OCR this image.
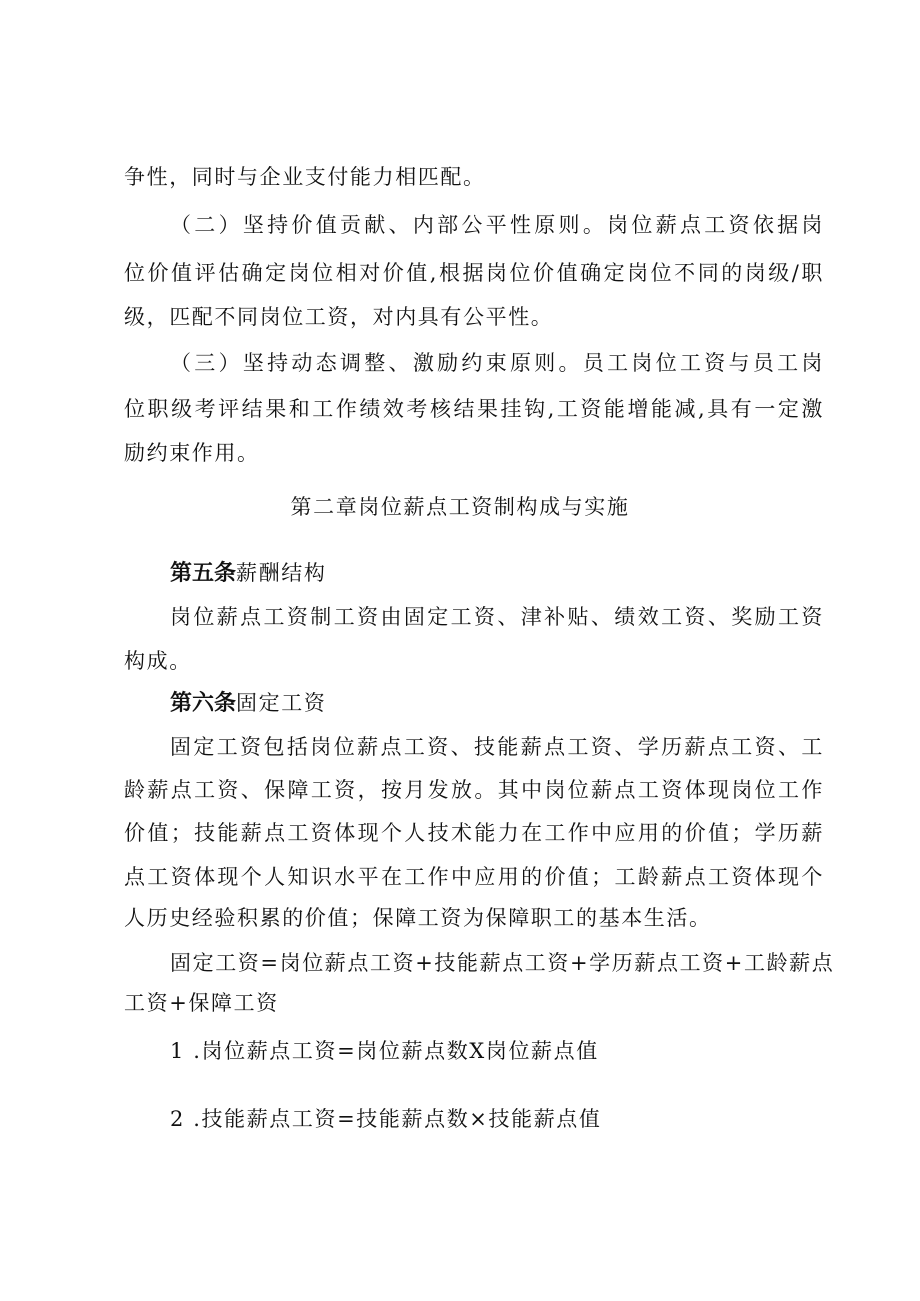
争性，同时与企业支付能力相匹配。
（二）坚持价值贡献、内部公平性原则。岗位薪点工资依据岗
位价值评估确定岗位相对价值,根据岗位价值确定岗位不同的岗级/职
级，匹配不同岗位工资，对内具有公平性。
（三）坚持动态调整、激励约束原则。员工岗位工资与员工岗
位职级考评结果和工作绩效考核结果挂钩,工资能增能减,具有一定激
励约束作用。
第二章岗位薪点工资制构成与实施
第五条薪酬结构
岗位薪点工资制工资由固定工资、津补贴、绩效工资、奖励工资
构成。
第六条固定工资
固定工资包括岗位薪点工资、技能薪点工资、学历薪点工资、工
龄薪点工资、保障工资，按月发放。其中岗位薪点工资体现岗位工作
价值；技能薪点工资体现个人技术能力在工作中应用的价值；学历薪
点工资体现个人知识水平在工作中应用的价值；工龄薪点工资体现个
人历史经验积累的价值；保障工资为保障职工的基本生活。
固定工资=岗位薪点工资+技能薪点工资+学历薪点工资+工龄薪点
工资+保障工资
1 .岗位薪点工资=岗位薪点数X岗位薪点值
2 .技能薪点工资=技能薪点数×技能薪点值
